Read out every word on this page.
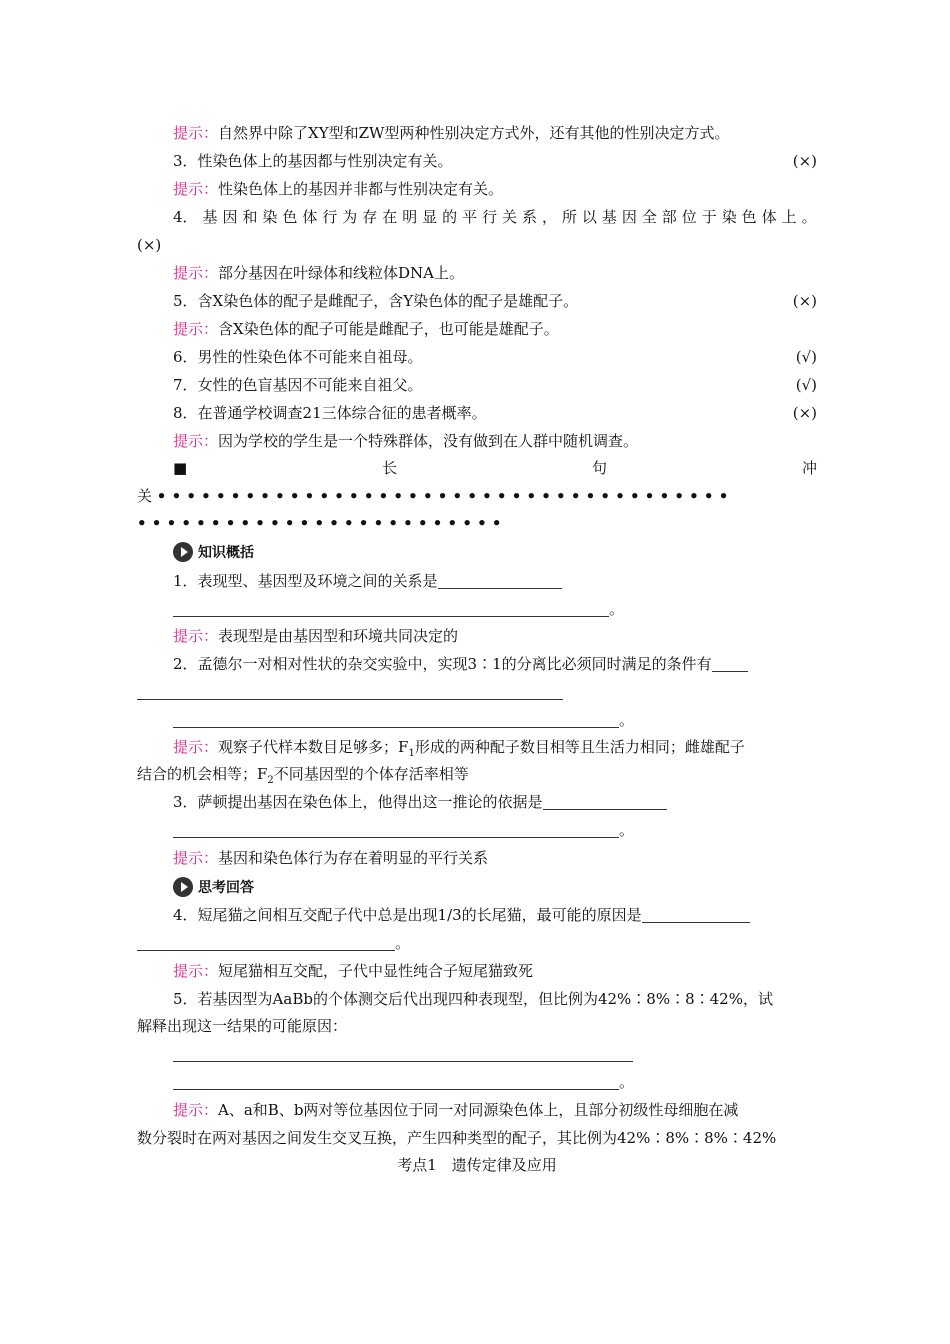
提示：自然界中除了XY型和ZW型两种性别决定方式外，还有其他的性别决定方式。
3．性染色体上的基因都与性别决定有关。	(×)
提示：性染色体上的基因并非都与性别决定有关。
4． 基 因 和 染 色 体 行 为 存 在 明 显 的 平 行 关 系 ， 所 以 基 因 全 部 位 于 染 色 体 上 。
(×)
提示：部分基因在叶绿体和线粒体DNA上。
5．含X染色体的配子是雌配子，含Y染色体的配子是雄配子。	(×)
提示：含X染色体的配子可能是雌配子，也可能是雄配子。
6．男性的性染色体不可能来自祖母。	(√)
7．女性的色盲基因不可能来自祖父。	(√)
8．在普通学校调查21三体综合征的患者概率。	(×)
提示：因为学校的学生是一个特殊群体，没有做到在人群中随机调查。
■	长	句	冲
关 •••••••••••••••••••••••••••••••••••••••
•••••••••••••••••••••••••
知识概括
1．表现型、基因型及环境之间的关系是
。
提示：表现型是由基因型和环境共同决定的
2．孟德尔一对相对性状的杂交实验中，实现3∶1的分离比必须同时满足的条件有
。
提示：观察子代样本数目足够多；$F_1$形成的两种配子数目相等且生活力相同；雌雄配子
结合的机会相等；$F_2$不同基因型的个体存活率相等
3．萨顿提出基因在染色体上，他得出这一推论的依据是
。
提示：基因和染色体行为存在着明显的平行关系
思考回答
4．短尾猫之间相互交配子代中总是出现1/3的长尾猫，最可能的原因是
。
提示：短尾猫相互交配，子代中显性纯合子短尾猫致死
5．若基因型为AaBb的个体测交后代出现四种表现型，但比例为42%∶8%∶8∶42%，试
解释出现这一结果的可能原因：
。
提示：A、a和B、b两对等位基因位于同一对同源染色体上，且部分初级性母细胞在减
数分裂时在两对基因之间发生交叉互换，产生四种类型的配子，其比例为42%∶8%∶8%∶42%
考点1　遗传定律及应用
